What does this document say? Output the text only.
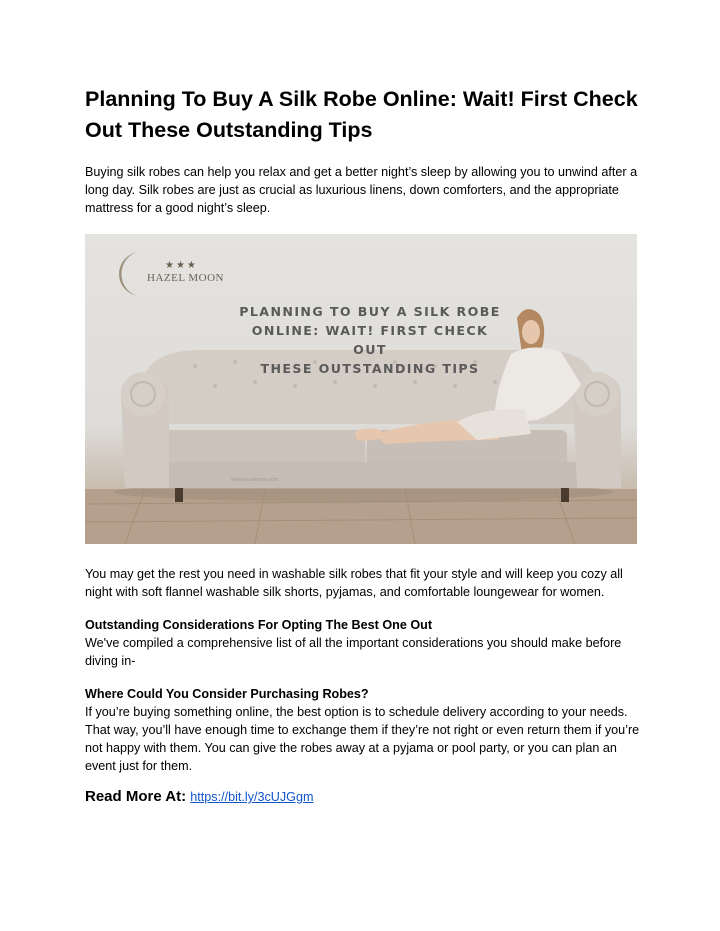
Planning To Buy A Silk Robe Online: Wait! First Check Out These Outstanding Tips

Buying silk robes can help you relax and get a better night’s sleep by allowing you to unwind after a long day. Silk robes are just as crucial as luxurious linens, down comforters, and the appropriate mattress for a good night’s sleep.

★★★
HAZEL MOON
PLANNING TO BUY A SILK ROBE
ONLINE: WAIT! FIRST CHECK OUT
THESE OUTSTANDING TIPS
www.hazelmoon.com

You may get the rest you need in washable silk robes that fit your style and will keep you cozy all night with soft flannel washable silk shorts, pyjamas, and comfortable loungewear for women.

Outstanding Considerations For Opting The Best One Out

We've compiled a comprehensive list of all the important considerations you should make before diving in-

Where Could You Consider Purchasing Robes?

If you’re buying something online, the best option is to schedule delivery according to your needs. That way, you’ll have enough time to exchange them if they’re not right or even return them if you’re not happy with them. You can give the robes away at a pyjama or pool party, or you can plan an event just for them.

Read More At: https://bit.ly/3cUJGgm
